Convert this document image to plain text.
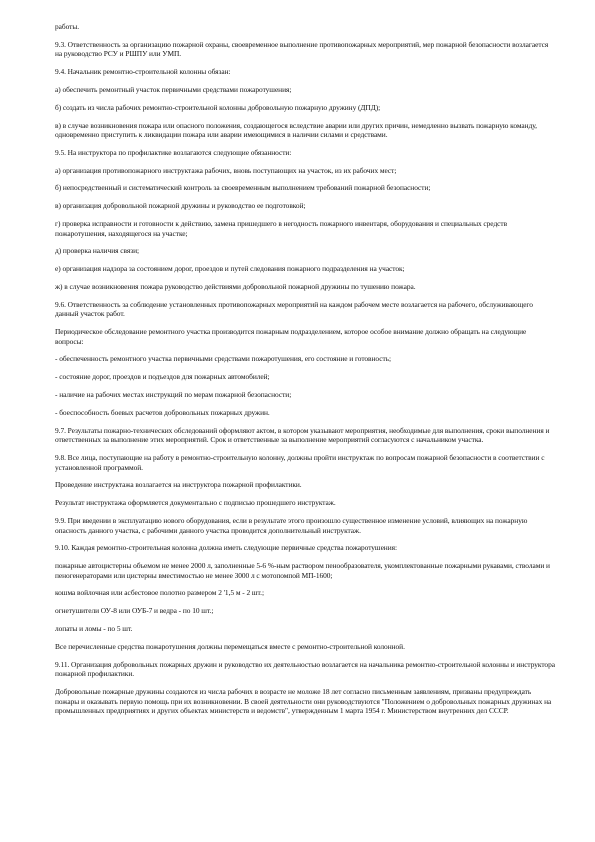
работы.

9.3. Ответственность за организацию пожарной охраны, своевременное выполнение противопожарных мероприятий, мер пожарной безопасности возлагается на руководство РСУ и РШПУ или УМП.

9.4. Начальник ремонтно-строительной колонны обязан:

а) обеспечить ремонтный участок первичными средствами пожаротушения;

б) создать из числа рабочих ремонтно-строительной колонны добровольную пожарную дружину (ДПД);

в) в случае возникновения пожара или опасного положения, создающегося вследствие аварии или других причин, немедленно вызвать пожарную команду, одновременно приступить к ликвидации пожара или аварии имеющимися в наличии силами и средствами.

9.5. На инструктора по профилактике возлагаются следующие обязанности:

а) организация противопожарного инструктажа рабочих, вновь поступающих на участок, из их рабочих мест;

б) непосредственный и систематический контроль за своевременным выполнением требований пожарной безопасности;

в) организация добровольной пожарной дружины и руководство ее подготовкой;

г) проверка исправности и готовности к действию, замена пришедшего в негодность пожарного инвентаря, оборудования и специальных средств пожаротушения, находящегося на участке;

д) проверка наличия связи;

е) организация надзора за состоянием дорог, проездов и путей следования пожарного подразделения на участок;

ж) в случае возникновения пожара руководство действиями добровольной пожарной дружины по тушению пожара.

9.6. Ответственность за соблюдение установленных противопожарных мероприятий на каждом рабочем месте возлагается на рабочего, обслуживающего данный участок работ.

Периодическое обследование ремонтного участка производится пожарным подразделением, которое особое внимание должно обращать на следующие вопросы:

- обеспеченность ремонтного участка первичными средствами пожаротушения, его состояние и готовность;

- состояние дорог, проездов и подъездов для пожарных автомобилей;

- наличие на рабочих местах инструкций по мерам пожарной безопасности;

- боеспособность боевых расчетов добровольных пожарных дружин.

9.7. Результаты пожарно-технических обследований оформляют актом, в котором указывают мероприятия, необходимые для выполнения, сроки выполнения и ответственных за выполнение этих мероприятий. Срок и ответственные за выполнение мероприятий согласуются с начальником участка.

9.8. Все лица, поступающие на работу в ремонтно-строительную колонну, должны пройти инструктаж по вопросам пожарной безопасности в соответствии с установленной программой.

Проведение инструктажа возлагается на инструктора пожарной профилактики.

Результат инструктажа оформляется документально с подписью прошедшего инструктаж.

9.9. При введении в эксплуатацию нового оборудования, если в результате этого произошло существенное изменение условий, влияющих на пожарную опасность данного участка, с рабочими данного участка проводится дополнительный инструктаж.

9.10. Каждая ремонтно-строительная колонна должна иметь следующие первичные средства пожаротушения:

пожарные автоцистерны объемом не менее 2000 л, заполненные 5-6 %-ным раствором пенообразователя, укомплектованные пожарными рукавами, стволами и пеногенераторами или цистерны вместимостью не менее 3000 л с мотопомпой МП-1600;

кошма войлочная или асбестовое полотно размером 2 '1,5 м - 2 шт.;

огнетушители ОУ-8 или ОУБ-7 и ведра - по 10 шт.;

лопаты и ломы - по 5 шт.

Все перечисленные средства пожаротушения должны перемещаться вместе с ремонтно-строительной колонной.

9.11. Организация добровольных пожарных дружин и руководство их деятельностью возлагается на начальника ремонтно-строительной колонны и инструктора пожарной профилактики.

Добровольные пожарные дружины создаются из числа рабочих в возрасте не моложе 18 лет согласно письменным заявлениям, призваны предупреждать пожары и оказывать первую помощь при их возникновении. В своей деятельности они руководствуются "Положением о добровольных пожарных дружинах на промышленных предприятиях и других объектах министерств и ведомств", утвержденным 1 марта 1954 г. Министерством внутренних дел СССР.
